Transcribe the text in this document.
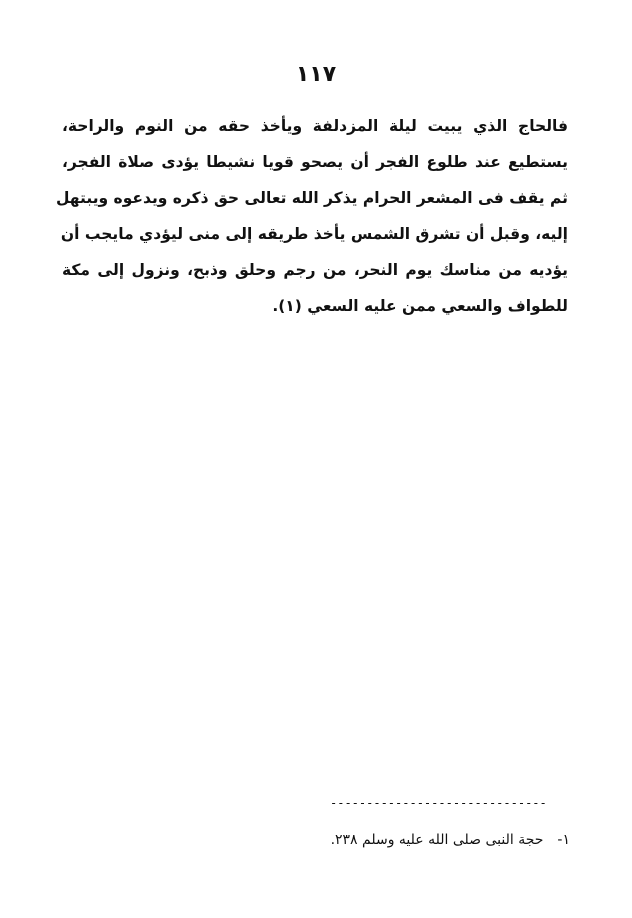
١١٧
فالحاج الذي يبيت ليلة المزدلفة ويأخذ حقه من النوم والراحة،
يستطيع عند طلوع الفجر أن يصحو قويا نشيطا يؤدى صلاة الفجر،
ثم يقف فى المشعر الحرام يذكر الله تعالى حق ذكره ويدعوه ويبتهل
إليه، وقبل أن تشرق الشمس يأخذ طريقه إلى منى ليؤدي مايجب أن
يؤديه من مناسك يوم النحر، من رجم وحلق وذبح، ونزول إلى مكة
للطواف والسعي ممن عليه السعي (١).
------------------------------
١-حجة النبى صلى الله عليه وسلم ٢٣٨.
